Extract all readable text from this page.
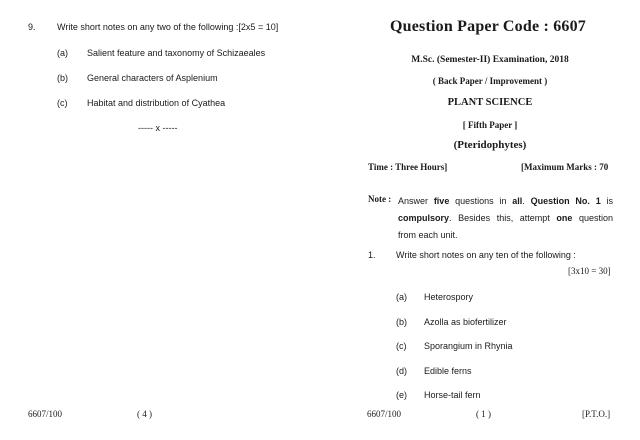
9. Write short notes on any two of the following :[2x5 = 10]
(a) Salient feature and taxonomy of Schizaeales
(b) General characters of Asplenium
(c) Habitat and distribution of Cyathea
----- x -----
6607/100	( 4 )
Question Paper Code : 6607
M.Sc. (Semester-II) Examination, 2018
( Back Paper / Improvement )
PLANT SCIENCE
[ Fifth Paper ]
(Pteridophytes)
Time : Three Hours]	[Maximum Marks : 70
Note : Answer five questions in all. Question No. 1 is compulsory. Besides this, attempt one question from each unit.
1. Write short notes on any ten of the following :
[3x10 = 30]
(a) Heterospory
(b) Azolla as biofertilizer
(c) Sporangium in Rhynia
(d) Edible ferns
(e) Horse-tail fern
6607/100	( 1 )	[P.T.O.]
